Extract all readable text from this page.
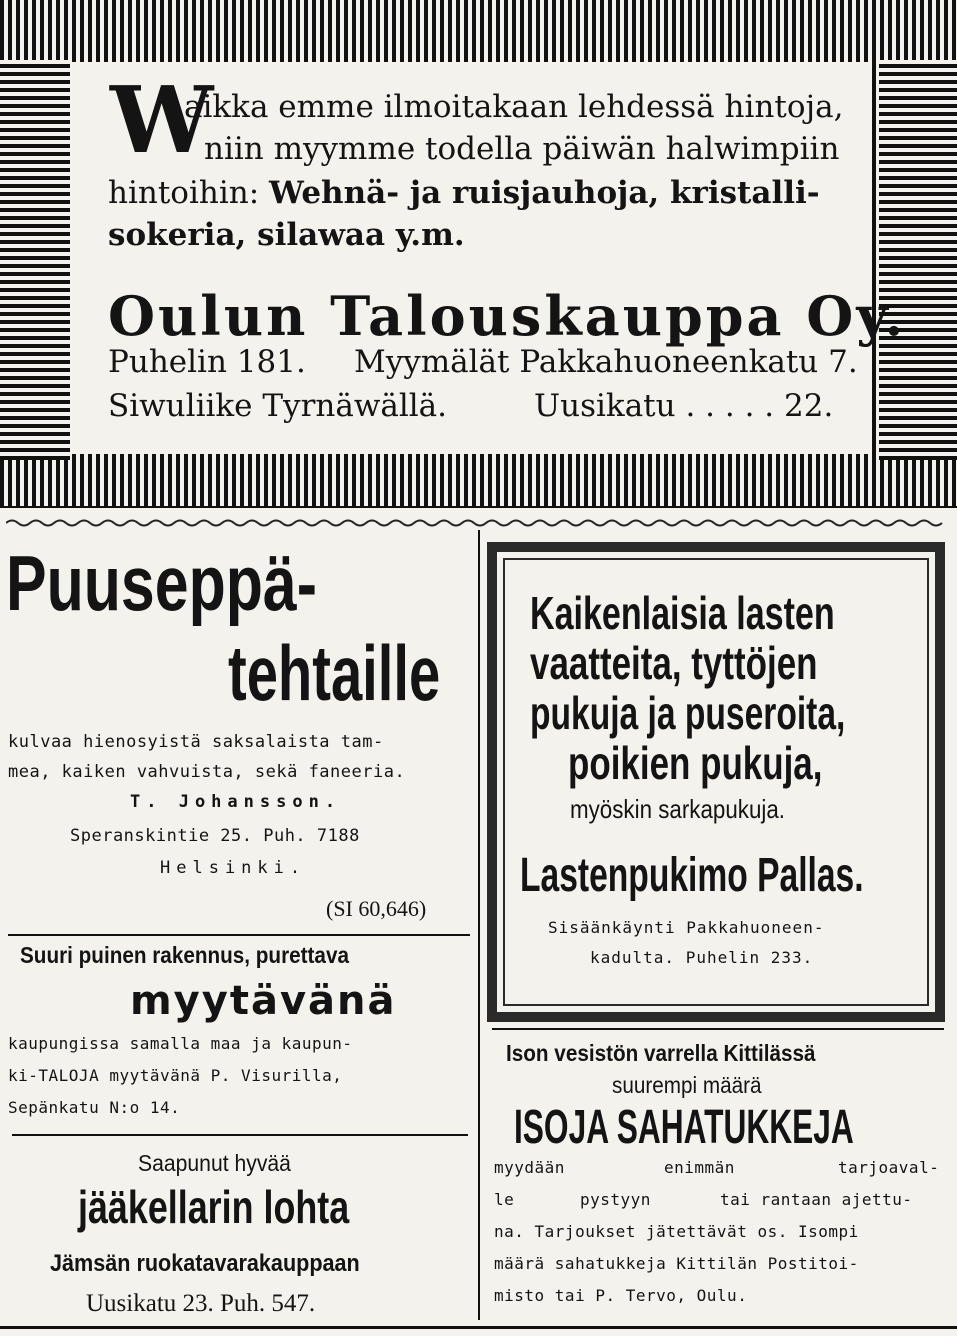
W
aikka emme ilmoitakaan lehdessä hintoja,
niin myymme todella päiwän halwimpiin
hintoihin: Wehnä- ja ruisjauhoja, kristalli-
sokeria, silawaa y.m.
Oulun Talouskauppa Oy.
Puhelin 181. Myymälät Pakkahuoneenkatu 7.
Siwuliike Tyrnäwällä.	Uusikatu . . . . . 22.
Puuseppä-
tehtaille
kulvaa hienosyistä saksalaista tam-
mea, kaiken vahvuista, sekä faneeria.
T. Johansson.
Speranskintie 25. Puh. 7188
Helsinki.
(SI 60,646)
Suuri puinen rakennus, purettava
myytävänä
kaupungissa samalla maa ja kaupun-
ki-TALOJA myytävänä P. Visurilla,
Sepänkatu N:o 14.
Saapunut hyvää
jääkellarin lohta
Jämsän ruokatavarakauppaan
Uusikatu 23. Puh. 547.
Kaikenlaisia lasten
vaatteita, tyttöjen
pukuja ja puseroita,
poikien pukuja,
myöskin sarkapukuja.
Lastenpukimo Pallas.
Sisäänkäynti Pakkahuoneen-
kadulta. Puhelin 233.
Ison vesistön varrella Kittilässä
suurempi määrä
ISOJA SAHATUKKEJA
myydään	enimmän	tarjoaval-
le	pystyyn	tai rantaan ajettu-
na. Tarjoukset jätettävät os. Isompi
määrä sahatukkeja Kittilän Postitoi-
misto tai P. Tervo, Oulu.
